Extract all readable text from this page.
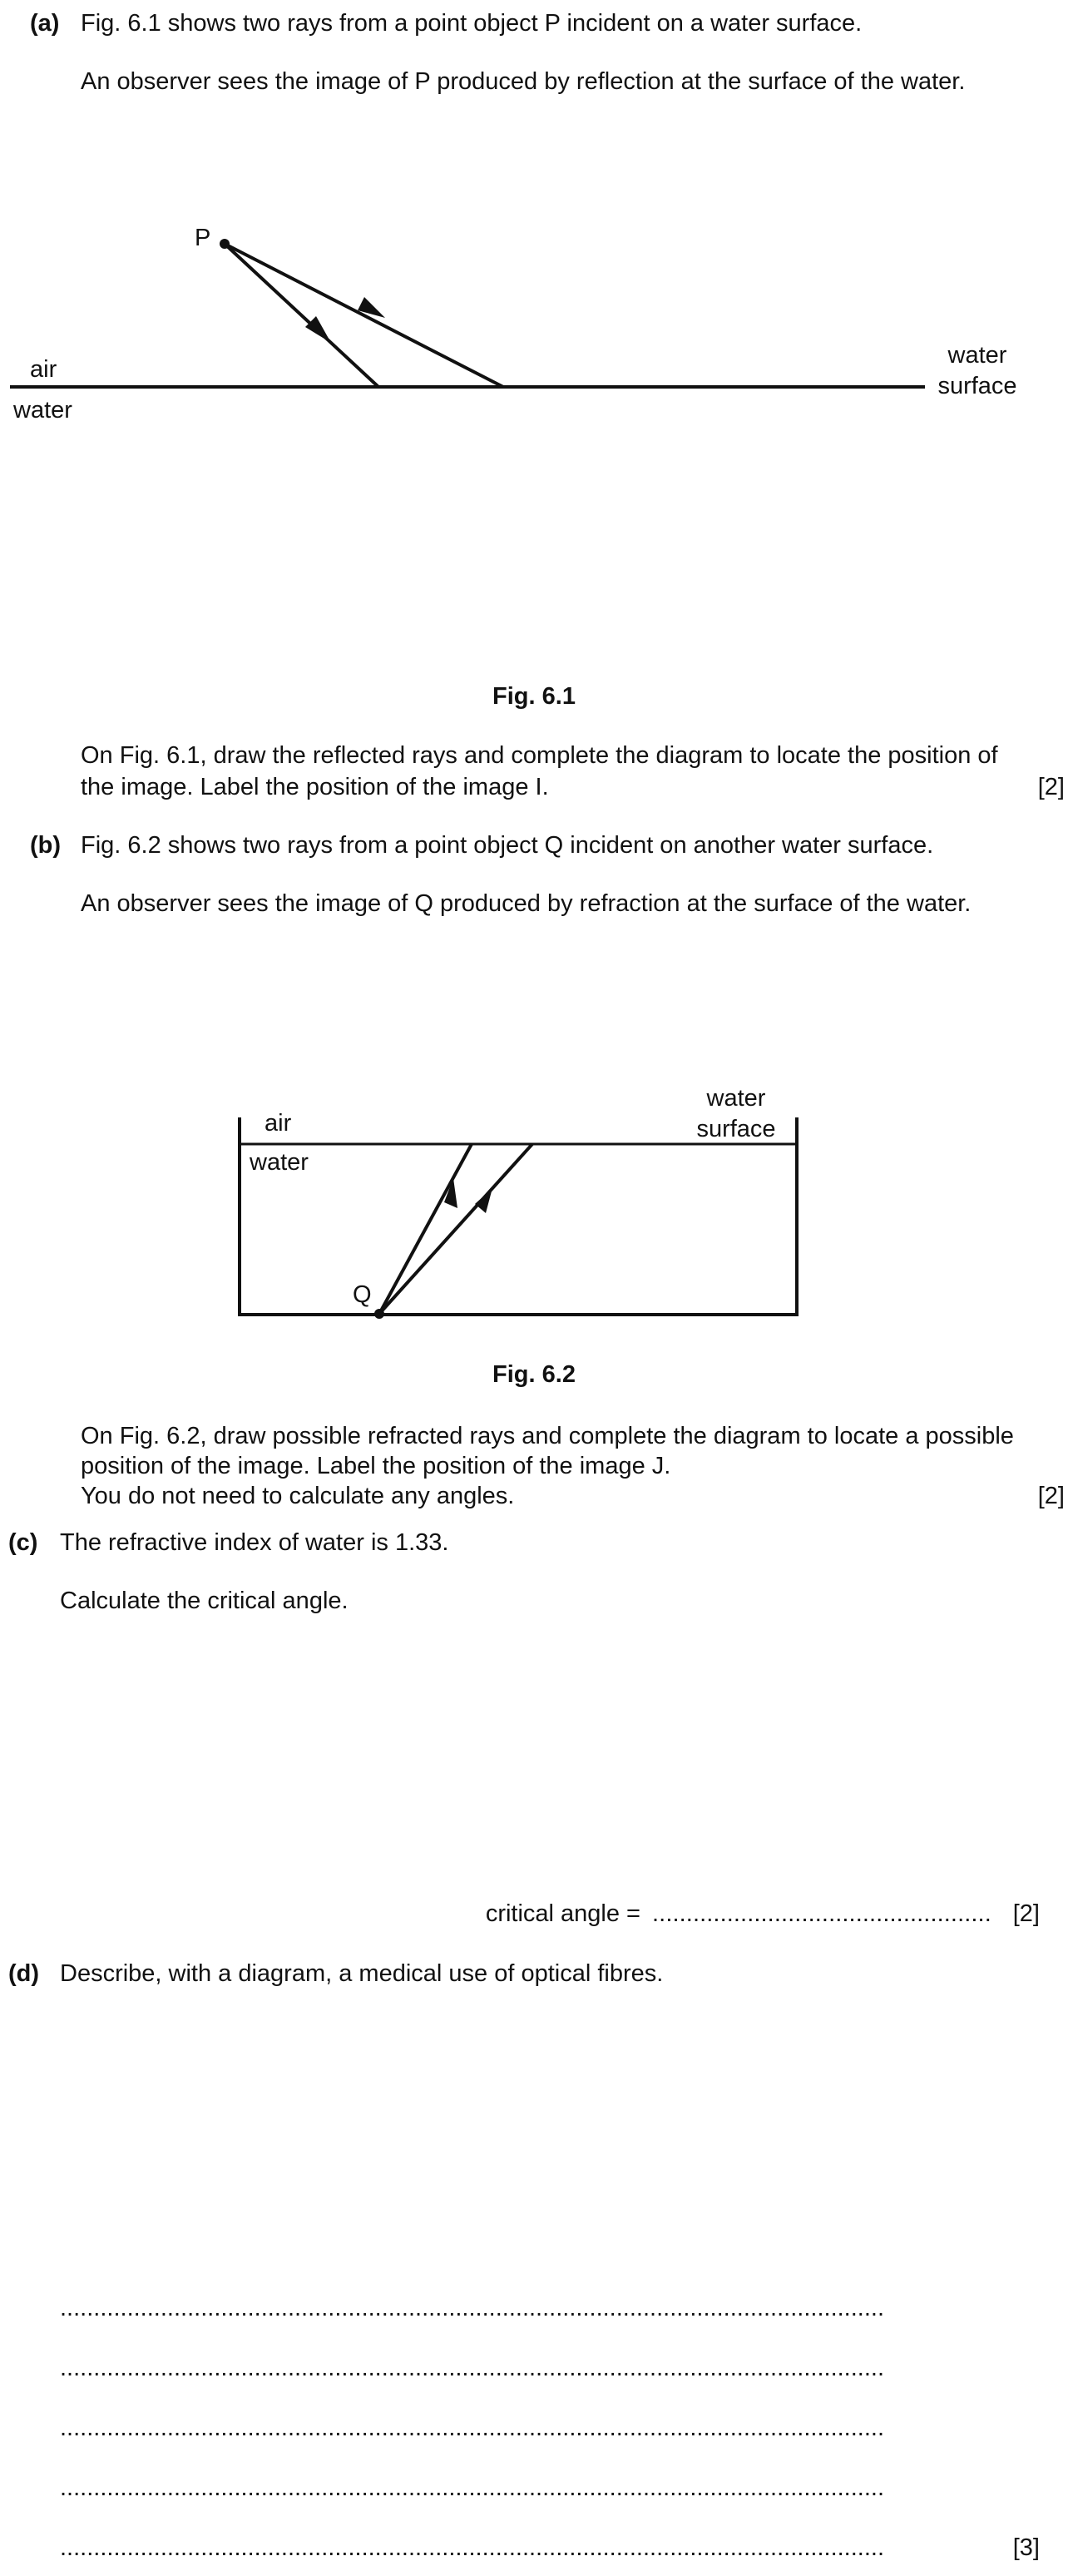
(a) Fig. 6.1 shows two rays from a point object P incident on a water surface.
An observer sees the image of P produced by reflection at the surface of the water.
P
air
water
water
surface
Fig. 6.1
On Fig. 6.1, draw the reflected rays and complete the diagram to locate the position of
the image. Label the position of the image I.	[2]
(b) Fig. 6.2 shows two rays from a point object Q incident on another water surface.
An observer sees the image of Q produced by refraction at the surface of the water.
air
water
water
surface
Q
Fig. 6.2
On Fig. 6.2, draw possible refracted rays and complete the diagram to locate a possible
position of the image. Label the position of the image J.
You do not need to calculate any angles.	[2]
(c) The refractive index of water is 1.33.
Calculate the critical angle.
critical angle = .................................................. [2]
(d) Describe, with a diagram, a medical use of optical fibres.
...........................................................................................................................
...........................................................................................................................
...........................................................................................................................
...........................................................................................................................
...........................................................................................................................	[3]
